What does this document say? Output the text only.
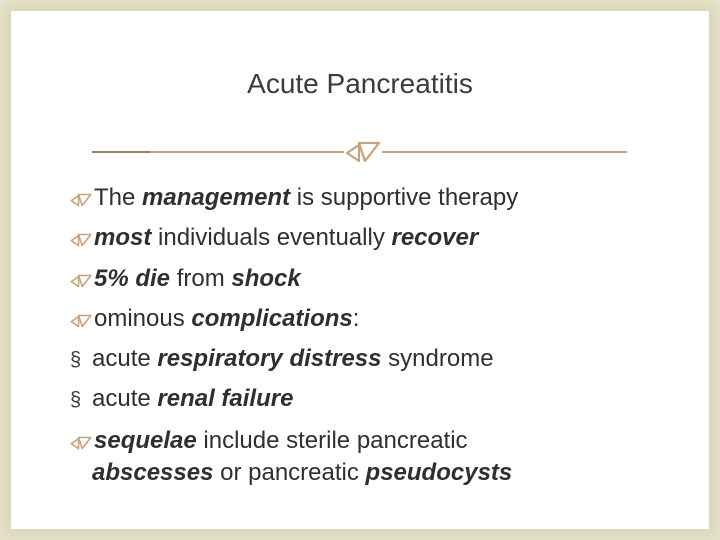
Acute Pancreatitis
The management is supportive therapy
most individuals eventually recover
5% die from shock
ominous complications:
§ acute respiratory distress syndrome
§ acute renal failure
sequelae include sterile pancreatic
abscesses or pancreatic pseudocysts
